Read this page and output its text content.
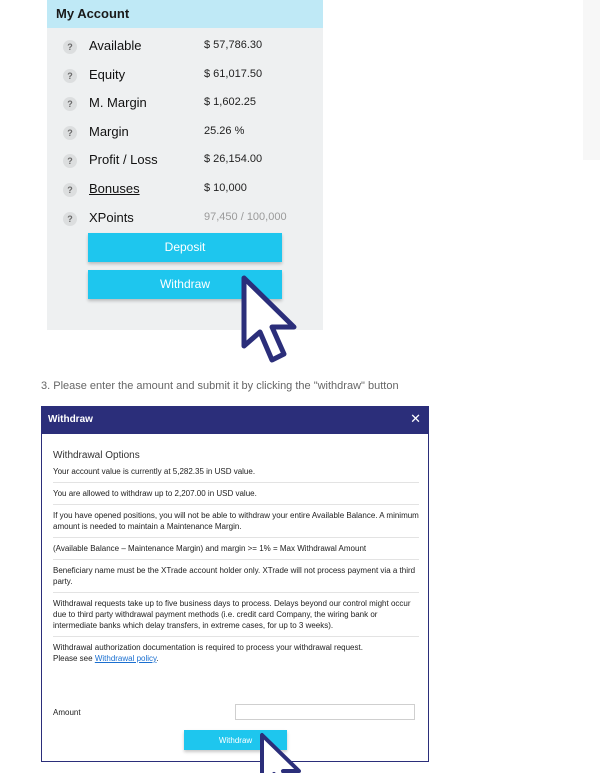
My Account
?	Available	$ 57,786.30
?	Equity	$ 61,017.50
?	M. Margin	$ 1,602.25
?	Margin	25.26 %
?	Profit / Loss	$ 26,154.00
?	Bonuses	$ 10,000
?	XPoints	97,450 / 100,000
Deposit
Withdraw
3. Please enter the amount and submit it by clicking the "withdraw" button
Withdraw	✕

Withdrawal Options

Your account value is currently at 5,282.35 in USD value.

You are allowed to withdraw up to 2,207.00 in USD value.

If you have opened positions, you will not be able to withdraw your entire Available Balance. A minimum amount is needed to maintain a Maintenance Margin.

(Available Balance – Maintenance Margin) and margin >= 1% = Max Withdrawal Amount

Beneficiary name must be the XTrade account holder only. XTrade will not process payment via a third party.

Withdrawal requests take up to five business days to process. Delays beyond our control might occur due to third party withdrawal payment methods (i.e. credit card Company, the wiring bank or intermediate banks which delay transfers, in extreme cases, for up to 3 weeks).

Withdrawal authorization documentation is required to process your withdrawal request.

Please see Withdrawal policy.

Amount
Withdraw
